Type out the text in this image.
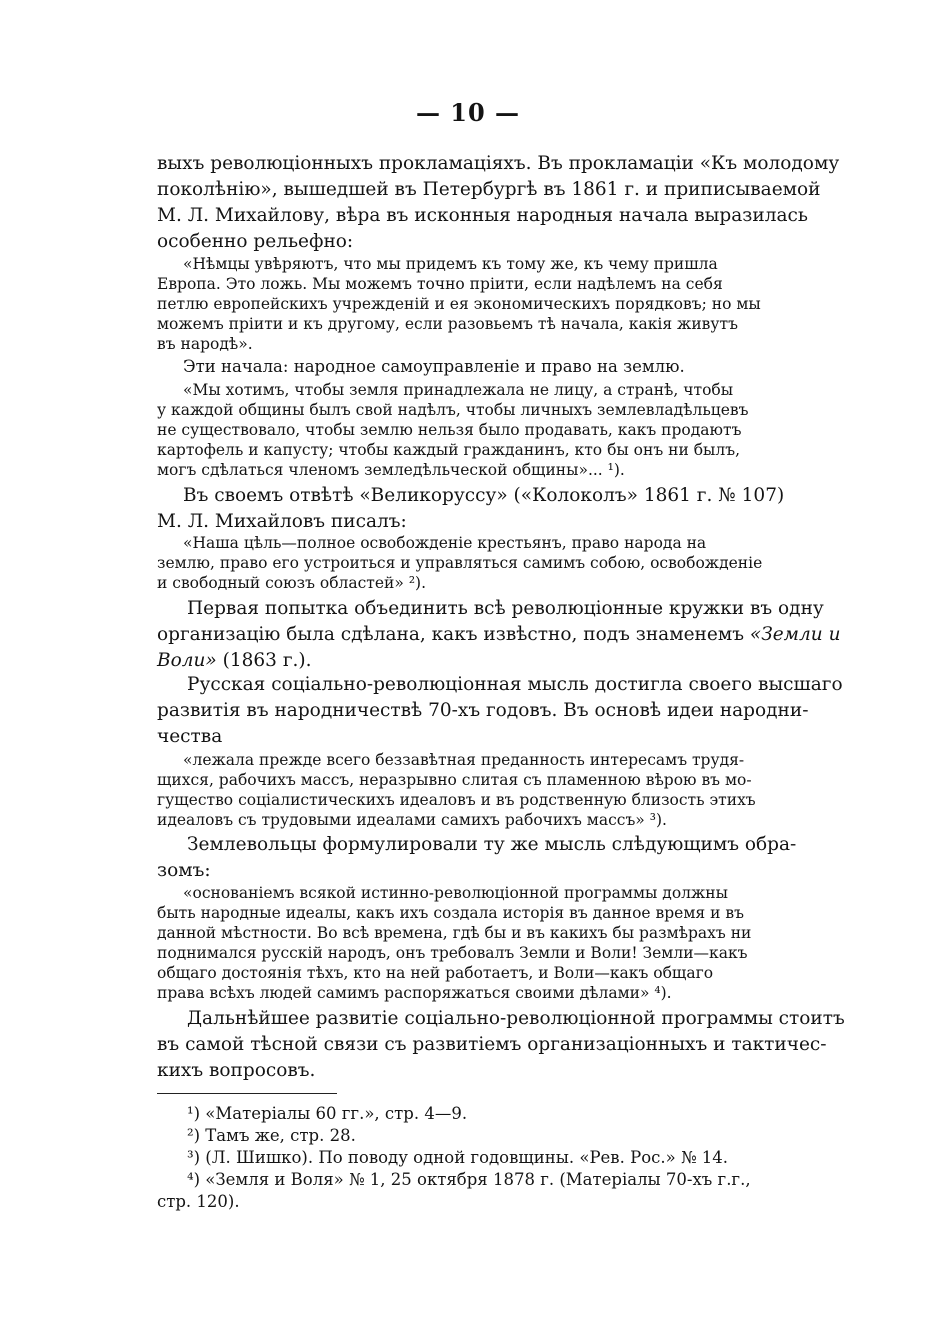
— 10 —
выхъ революціонныхъ прокламаціяхъ. Въ прокламаціи «Къ молодому
поколѣнію», вышедшей въ Петербургѣ въ 1861 г. и приписываемой
М. Л. Михайлову, вѣра въ исконныя народныя начала выразилась
особенно рельефно:
«Нѣмцы увѣряютъ, что мы придемъ къ тому же, къ чему пришла
Европа. Это ложь. Мы можемъ точно пріити, если надѣлемъ на себя
петлю европейскихъ учрежденій и ея экономическихъ порядковъ; но мы
можемъ пріити и къ другому, если разовьемъ тѣ начала, какія живутъ
въ народѣ».
Эти начала: народное самоуправленіе и право на землю.
«Мы хотимъ, чтобы земля принадлежала не лицу, а странѣ, чтобы
у каждой общины былъ свой надѣлъ, чтобы личныхъ землевладѣльцевъ
не существовало, чтобы землю нельзя было продавать, какъ продаютъ
картофель и капусту; чтобы каждый гражданинъ, кто бы онъ ни былъ,
могъ сдѣлаться членомъ земледѣльческой общины»... ¹).
Въ своемъ отвѣтѣ «Великоруссу» («Колоколъ» 1861 г. № 107)
М. Л. Михайловъ писалъ:
«Наша цѣль—полное освобожденіе крестьянъ, право народа на
землю, право его устроиться и управляться самимъ собою, освобожденіе
и свободный союзъ областей» ²).
Первая попытка объединить всѣ революціонные кружки въ одну
организацію была сдѣлана, какъ извѣстно, подъ знаменемъ «Земли и
Воли» (1863 г.).
Русская соціально-революціонная мысль достигла своего высшаго
развитія въ народничествѣ 70-хъ годовъ. Въ основѣ идеи народни-
чества
«лежала прежде всего беззавѣтная преданность интересамъ трудя-
щихся, рабочихъ массъ, неразрывно слитая съ пламенною вѣрою въ мо-
гущество соціалистическихъ идеаловъ и въ родственную близость этихъ
идеаловъ съ трудовыми идеалами самихъ рабочихъ массъ» ³).
Землевольцы формулировали ту же мысль слѣдующимъ обра-
зомъ:
«основаніемъ всякой истинно-революціонной программы должны
быть народные идеалы, какъ ихъ создала исторія въ данное время и въ
данной мѣстности. Во всѣ времена, гдѣ бы и въ какихъ бы размѣрахъ ни
поднимался русскій народъ, онъ требовалъ Земли и Воли! Земли—какъ
общаго достоянія тѣхъ, кто на ней работаетъ, и Воли—какъ общаго
права всѣхъ людей самимъ распоряжаться своими дѣлами» ⁴).
Дальнѣйшее развитіе соціально-революціонной программы стоитъ
въ самой тѣсной связи съ развитіемъ организаціонныхъ и тактичес-
кихъ вопросовъ.
¹) «Матеріалы 60 гг.», стр. 4—9.
²) Тамъ же, стр. 28.
³) (Л. Шишко). По поводу одной годовщины. «Рев. Рос.» № 14.
⁴) «Земля и Воля» № 1, 25 октября 1878 г. (Матеріалы 70-хъ г.г.,
стр. 120).
